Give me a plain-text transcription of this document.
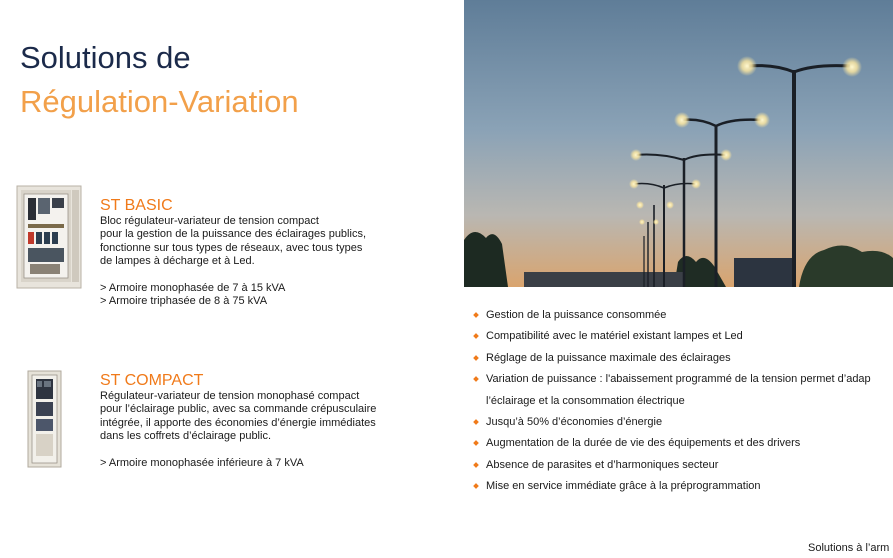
Solutions de
Régulation-Variation
ST BASIC
Bloc régulateur-variateur de tension compact
pour la gestion de la puissance des éclairages publics,
fonctionne sur tous types de réseaux, avec tous types
de lampes à décharge et à Led.
> Armoire monophasée de 7 à 15 kVA
> Armoire triphasée de 8 à 75 kVA
ST COMPACT
Régulateur-variateur de tension monophasé compact
pour l’éclairage public, avec sa commande crépusculaire
intégrée, il apporte des économies d’énergie immédiates
dans les coffrets d’éclairage public.
> Armoire monophasée inférieure à 7 kVA
Gestion de la puissance consommée
Compatibilité avec le matériel existant lampes et Led
Réglage de la puissance maximale des éclairages
Variation de puissance : l'abaissement programmé de la tension permet d’adap
l’éclairage et la consommation électrique
Jusqu’à 50% d’économies d’énergie
Augmentation de la durée de vie des équipements et des drivers
Absence de parasites et d’harmoniques secteur
Mise en service immédiate grâce à la préprogrammation
Solutions à l’arm
